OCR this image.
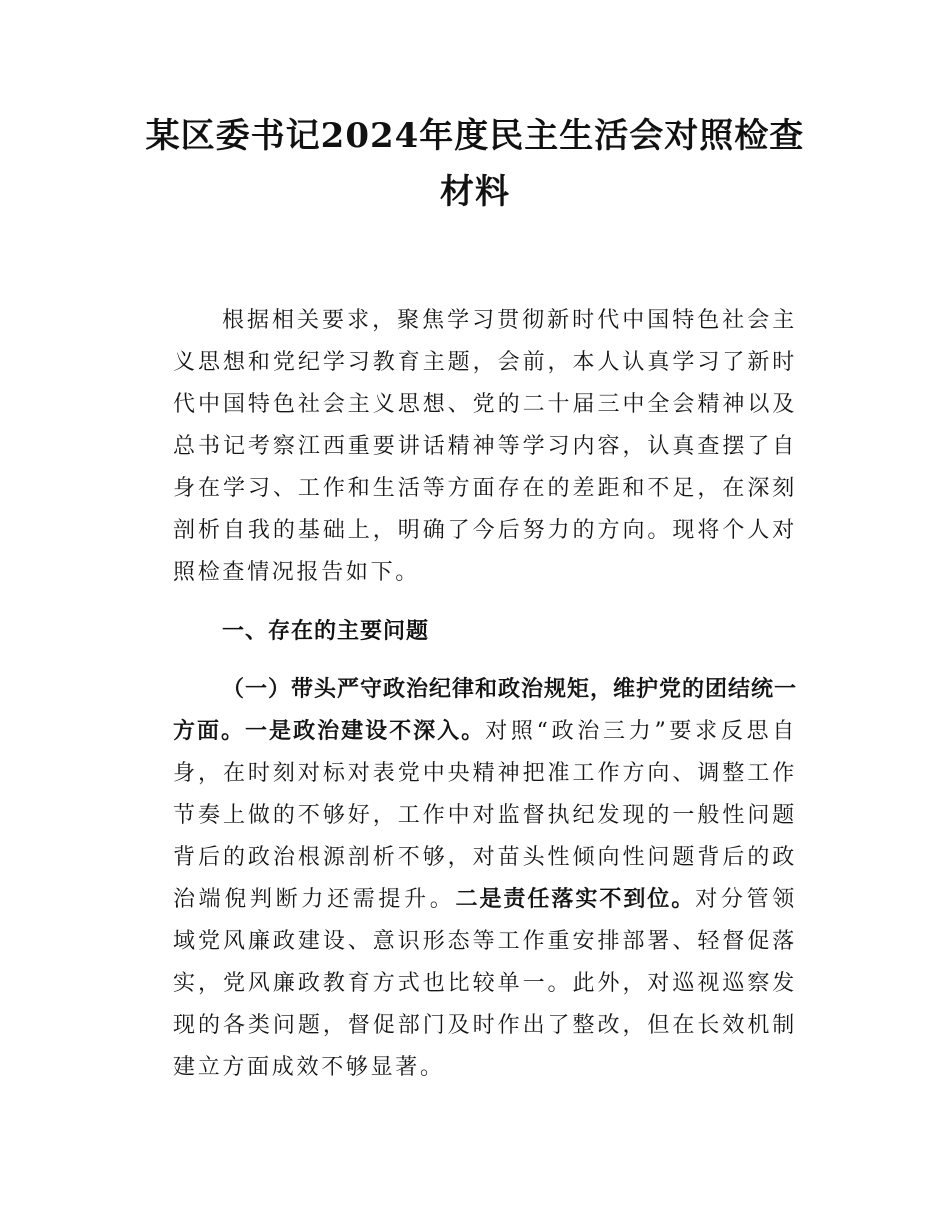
某区委书记2024年度民主生活会对照检查材料

根据相关要求，聚焦学习贯彻新时代中国特色社会主义思想和党纪学习教育主题，会前，本人认真学习了新时代中国特色社会主义思想、党的二十届三中全会精神以及总书记考察江西重要讲话精神等学习内容，认真查摆了自身在学习、工作和生活等方面存在的差距和不足，在深刻剖析自我的基础上，明确了今后努力的方向。现将个人对照检查情况报告如下。

一、存在的主要问题

（一）带头严守政治纪律和政治规矩，维护党的团结统一方面。一是政治建设不深入。对照“政治三力”要求反思自身，在时刻对标对表党中央精神把准工作方向、调整工作节奏上做的不够好，工作中对监督执纪发现的一般性问题背后的政治根源剖析不够，对苗头性倾向性问题背后的政治端倪判断力还需提升。二是责任落实不到位。对分管领域党风廉政建设、意识形态等工作重安排部署、轻督促落实，党风廉政教育方式也比较单一。此外，对巡视巡察发现的各类问题，督促部门及时作出了整改，但在长效机制建立方面成效不够显著。
